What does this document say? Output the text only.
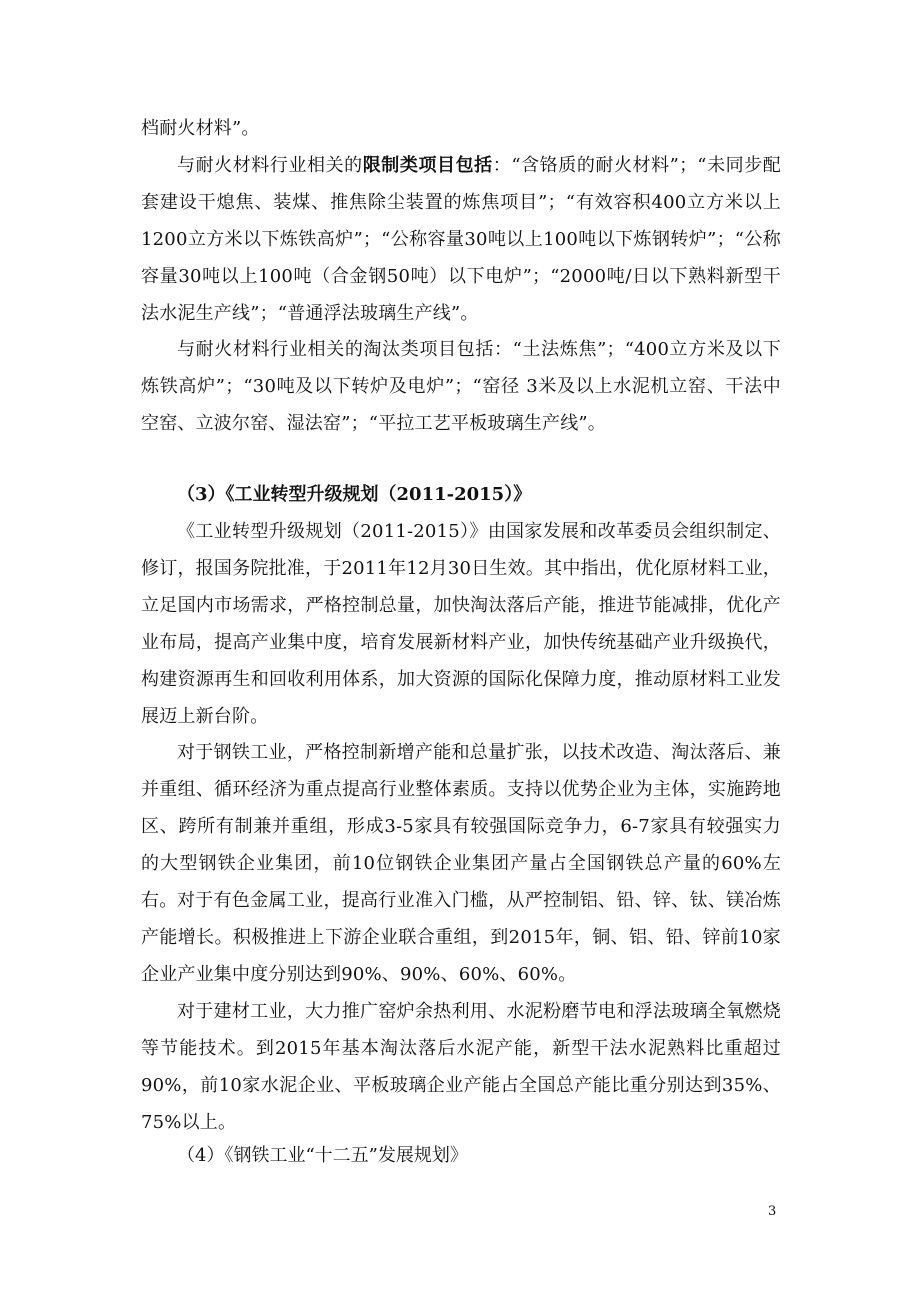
档耐火材料”。

与耐火材料行业相关的限制类项目包括：“含铬质的耐火材料”；“未同步配套建设干熄焦、装煤、推焦除尘装置的炼焦项目”；“有效容积400立方米以上1200立方米以下炼铁高炉”；“公称容量30吨以上100吨以下炼钢转炉”；“公称容量30吨以上100吨（合金钢50吨）以下电炉”；“2000吨/日以下熟料新型干法水泥生产线”；“普通浮法玻璃生产线”。

与耐火材料行业相关的淘汰类项目包括：“土法炼焦”；“400立方米及以下炼铁高炉”；“30吨及以下转炉及电炉”；“窑径 3米及以上水泥机立窑、干法中空窑、立波尔窑、湿法窑”；“平拉工艺平板玻璃生产线”。

（3）《工业转型升级规划（2011-2015）》

《工业转型升级规划（2011-2015）》由国家发展和改革委员会组织制定、修订，报国务院批准，于2011年12月30日生效。其中指出，优化原材料工业，立足国内市场需求，严格控制总量，加快淘汰落后产能，推进节能减排，优化产业布局，提高产业集中度，培育发展新材料产业，加快传统基础产业升级换代，构建资源再生和回收利用体系，加大资源的国际化保障力度，推动原材料工业发展迈上新台阶。

对于钢铁工业，严格控制新增产能和总量扩张，以技术改造、淘汰落后、兼并重组、循环经济为重点提高行业整体素质。支持以优势企业为主体，实施跨地区、跨所有制兼并重组，形成3-5家具有较强国际竞争力，6-7家具有较强实力的大型钢铁企业集团，前10位钢铁企业集团产量占全国钢铁总产量的60%左右。 对于有色金属工业，提高行业准入门槛，从严控制铝、铅、锌、钛、镁冶炼产能增长。积极推进上下游企业联合重组，到2015年，铜、铝、铅、锌前10家企业产业集中度分别达到90%、90%、60%、60%。

对于建材工业，大力推广窑炉余热利用、水泥粉磨节电和浮法玻璃全氧燃烧等节能技术。到2015年基本淘汰落后水泥产能，新型干法水泥熟料比重超过90%，前10家水泥企业、平板玻璃企业产能占全国总产能比重分别达到35%、75%以上。

（4）《钢铁工业“十二五”发展规划》

3
